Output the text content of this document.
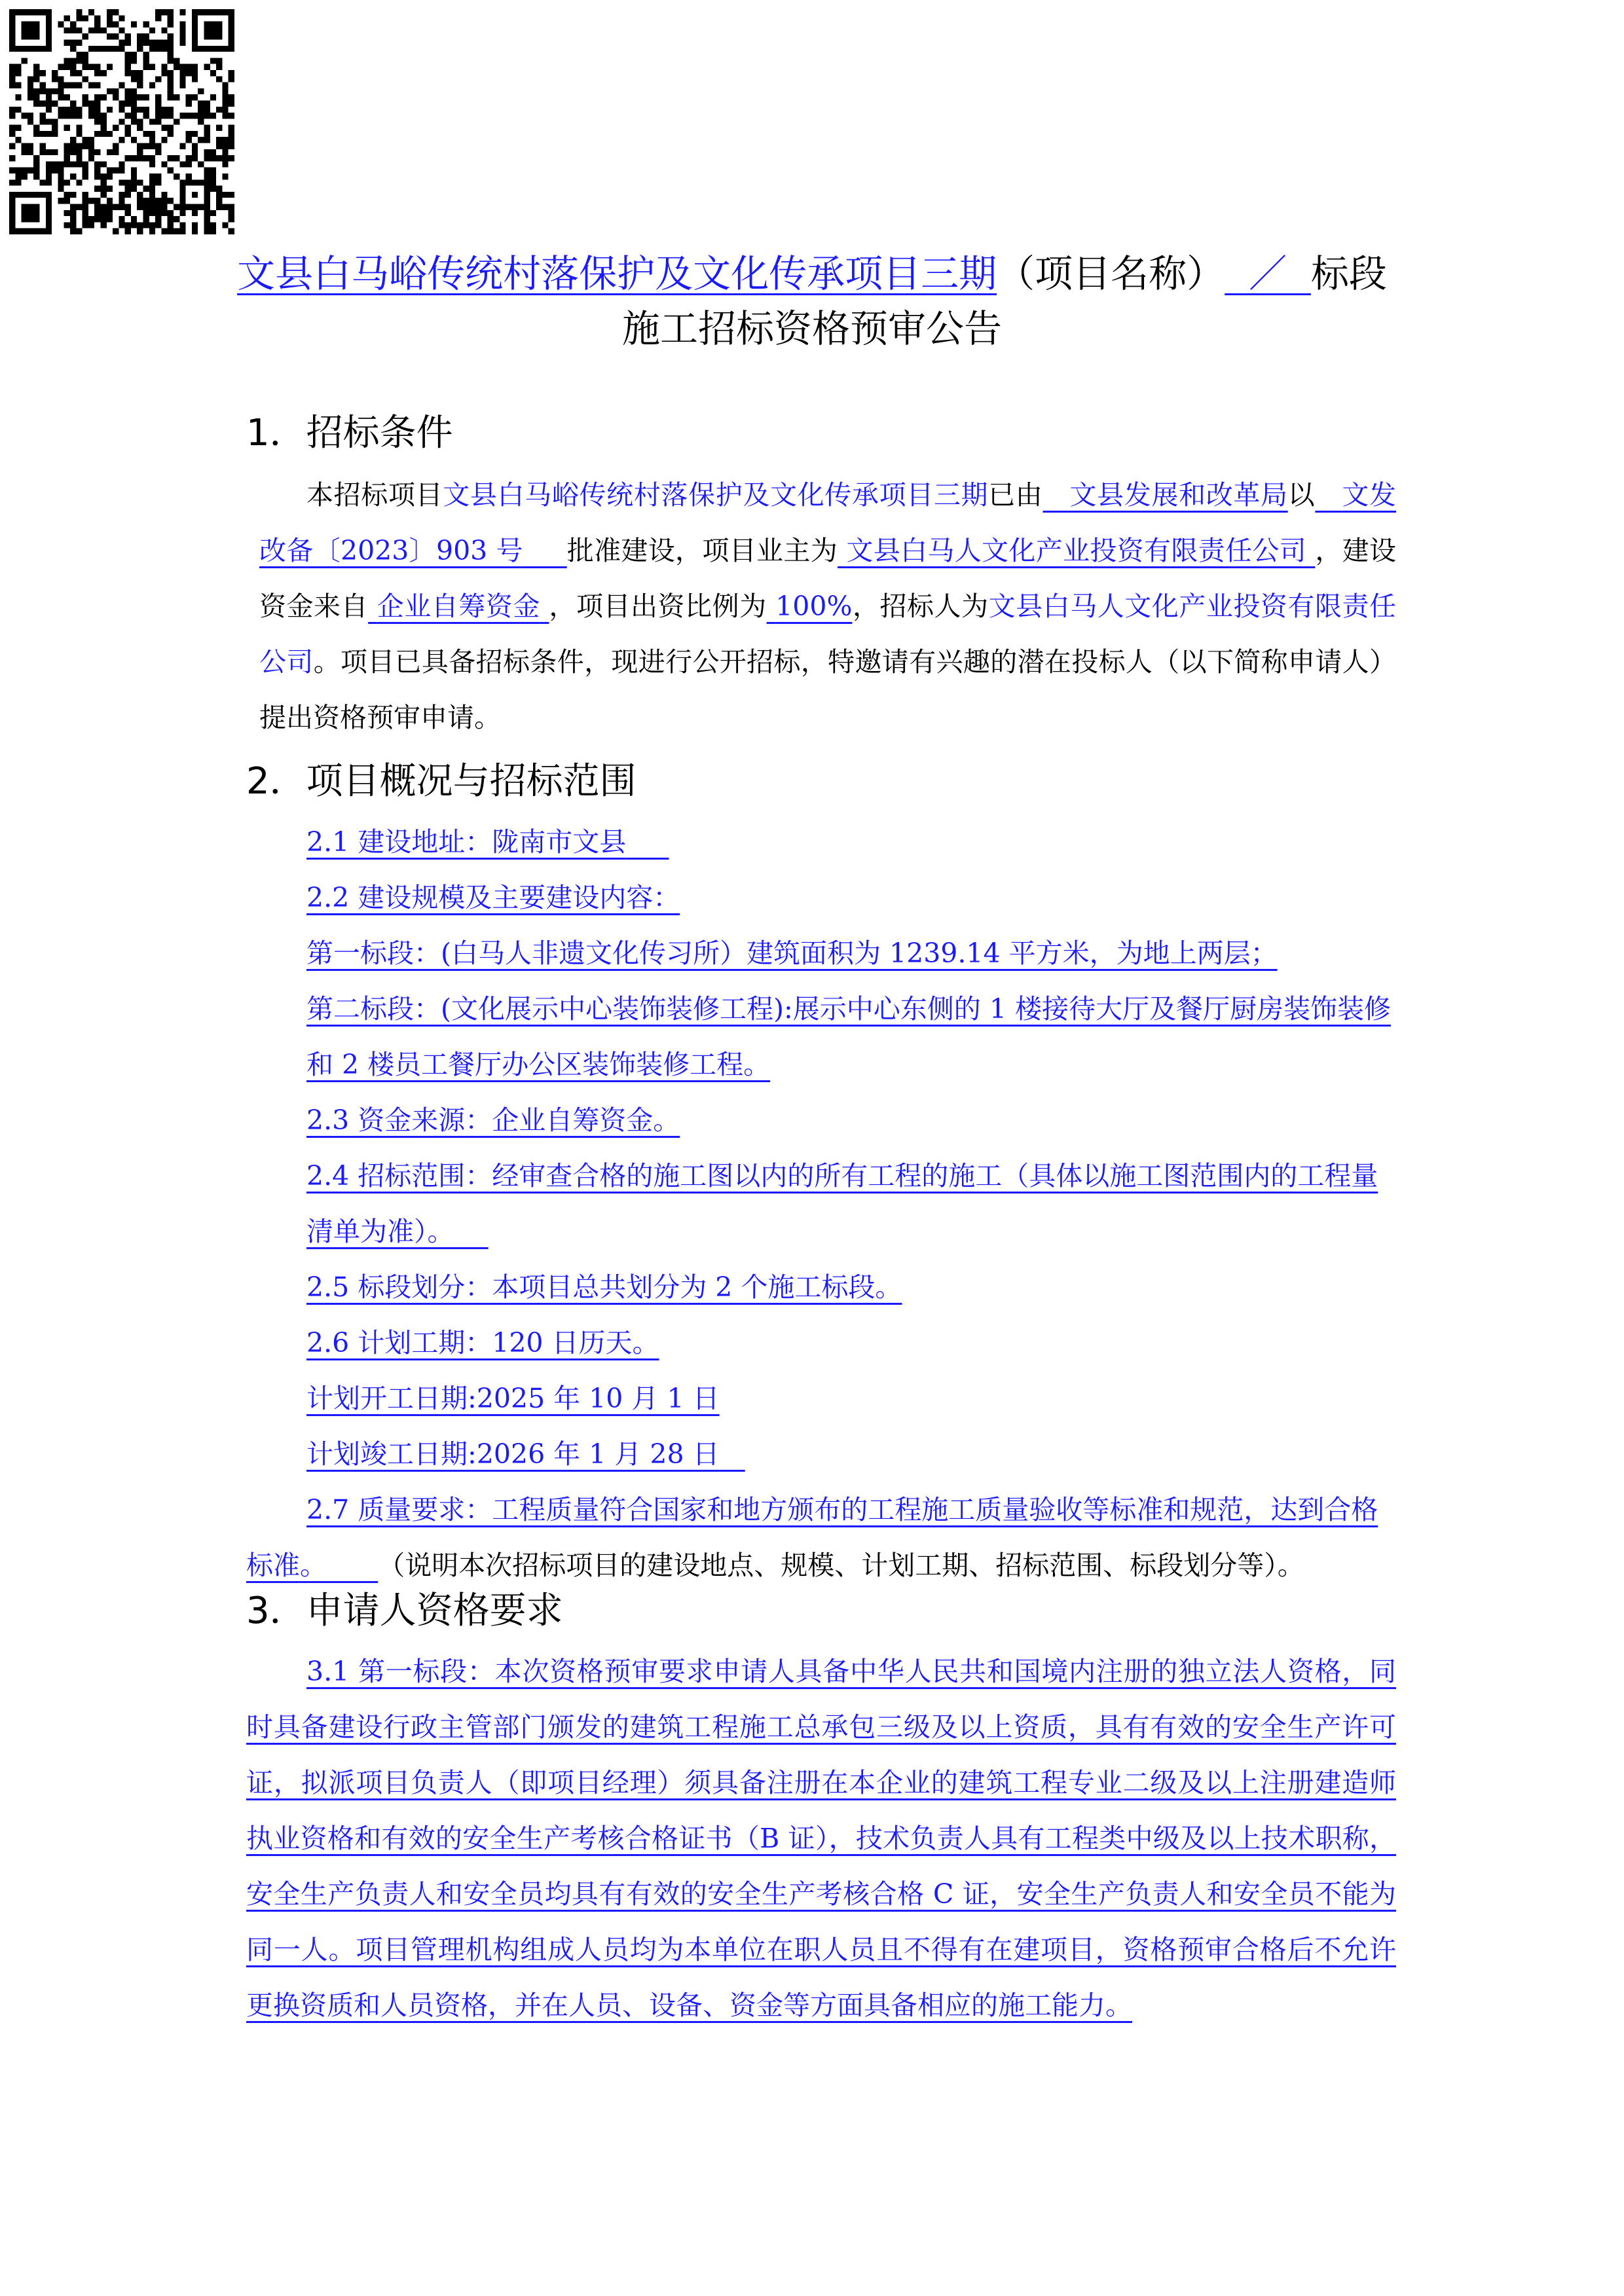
文县白马峪传统村落保护及文化传承项目三期（项目名称） ／ 标段
施工招标资格预审公告
1．招标条件
本招标项目文县白马峪传统村落保护及文化传承项目三期已由 文县发展和改革局以 文发改备〔2023〕903 号 批准建设，项目业主为 文县白马人文化产业投资有限责任公司 ，建设资金来自 企业自筹资金 ，项目出资比例为 100%，招标人为文县白马人文化产业投资有限责任公司。项目已具备招标条件，现进行公开招标，特邀请有兴趣的潜在投标人（以下简称申请人）提出资格预审申请。
2．项目概况与招标范围
2.1 建设地址：陇南市文县
2.2 建设规模及主要建设内容：
第一标段：(白马人非遗文化传习所）建筑面积为 1239.14 平方米，为地上两层；
第二标段：(文化展示中心装饰装修工程):展示中心东侧的 1 楼接待大厅及餐厅厨房装饰装修和 2 楼员工餐厅办公区装饰装修工程。
2.3 资金来源：企业自筹资金。
2.4 招标范围：经审查合格的施工图以内的所有工程的施工（具体以施工图范围内的工程量清单为准）。
2.5 标段划分：本项目总共划分为 2 个施工标段。
2.6 计划工期：120 日历天。
计划开工日期:2025 年 10 月 1 日
计划竣工日期:2026 年 1 月 28 日
2.7 质量要求：工程质量符合国家和地方颁布的工程施工质量验收等标准和规范，达到合格标准。 （说明本次招标项目的建设地点、规模、计划工期、招标范围、标段划分等）。
3．申请人资格要求
3.1 第一标段：本次资格预审要求申请人具备中华人民共和国境内注册的独立法人资格，同时具备建设行政主管部门颁发的建筑工程施工总承包三级及以上资质，具有有效的安全生产许可证，拟派项目负责人（即项目经理）须具备注册在本企业的建筑工程专业二级及以上注册建造师执业资格和有效的安全生产考核合格证书（B 证），技术负责人具有工程类中级及以上技术职称，安全生产负责人和安全员均具有有效的安全生产考核合格 C 证，安全生产负责人和安全员不能为同一人。项目管理机构组成人员均为本单位在职人员且不得有在建项目，资格预审合格后不允许更换资质和人员资格，并在人员、设备、资金等方面具备相应的施工能力。
